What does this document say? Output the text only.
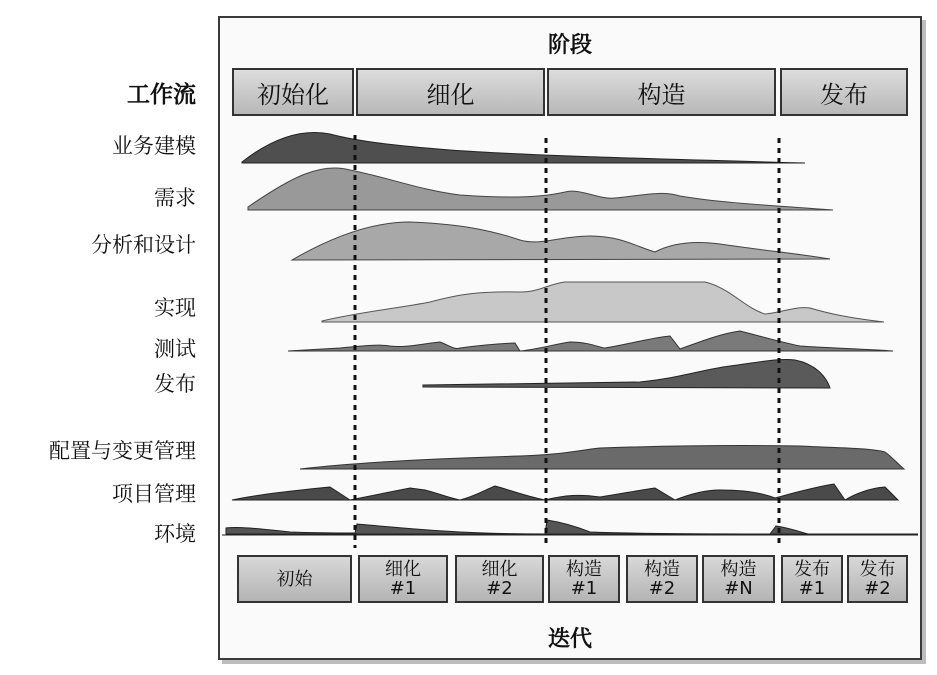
阶段
初始化	细化	构造	发布
工作流
业务建模
需求
分析和设计
实现
测试
发布
配置与变更管理
项目管理
环境
初始	细化
#1
细化
#2
构造
#1
构造
#2
构造
#N
发布
#1
发布
#2
迭代
